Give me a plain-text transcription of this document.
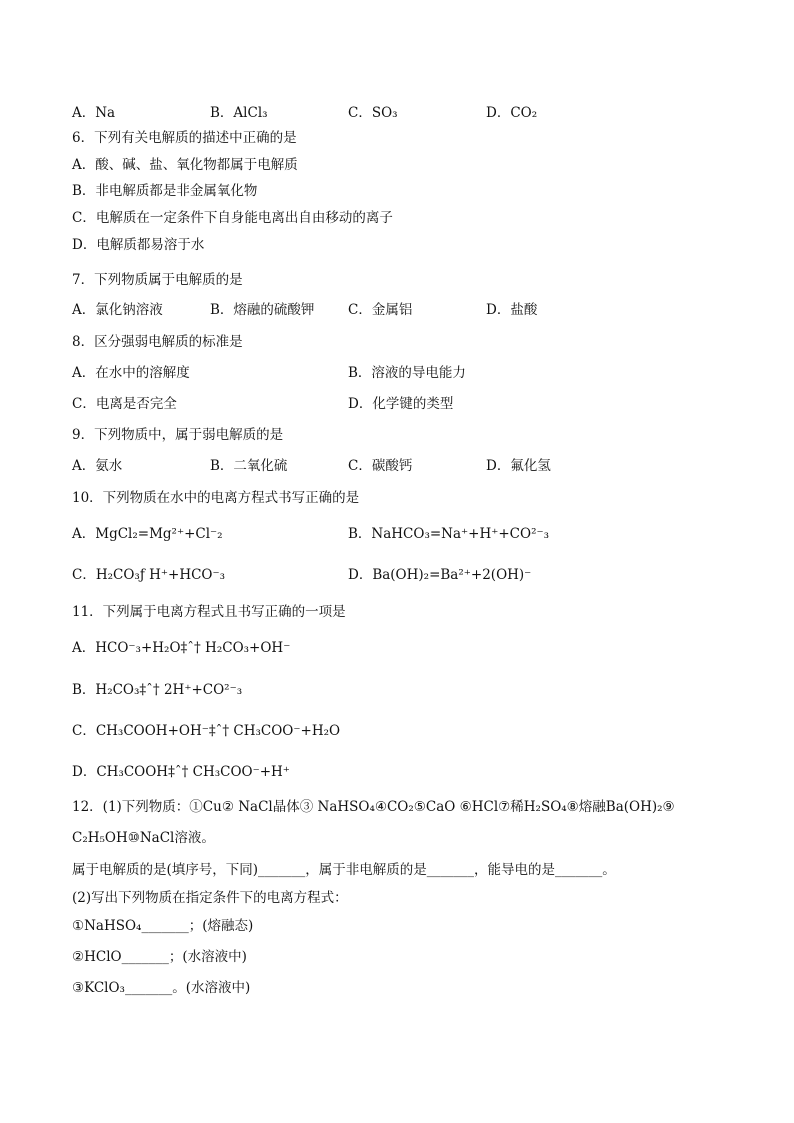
A．Na	B．AlCl₃	C．SO₃	D．CO₂
6．下列有关电解质的描述中正确的是
A．酸、碱、盐、氧化物都属于电解质
B．非电解质都是非金属氧化物
C．电解质在一定条件下自身能电离出自由移动的离子
D．电解质都易溶于水
7．下列物质属于电解质的是
A．氯化钠溶液	B．熔融的硫酸钾 C．金属铝	D．盐酸
8．区分强弱电解质的标准是
A．在水中的溶解度	B．溶液的导电能力
C．电离是否完全	D．化学键的类型
9．下列物质中，属于弱电解质的是
A．氨水	B．二氧化硫	C．碳酸钙	D．氟化氢
10．下列物质在水中的电离方程式书写正确的是
A．MgCl₂=Mg²⁺+Cl⁻₂	B．NaHCO₃=Na⁺+H⁺+CO²⁻₃
C．H₂CO₃ƒ H⁺+HCO⁻₃	D．Ba(OH)₂=Ba²⁺+2(OH)⁻
11．下列属于电离方程式且书写正确的一项是
A．HCO⁻₃+H₂O‡ˆ† H₂CO₃+OH⁻
B．H₂CO₃‡ˆ† 2H⁺+CO²⁻₃
C．CH₃COOH+OH⁻‡ˆ† CH₃COO⁻+H₂O
D．CH₃COOH‡ˆ† CH₃COO⁻+H⁺
12．(1)下列物质：①Cu② NaCl晶体③ NaHSO₄④CO₂⑤CaO ⑥HCl⑦稀H₂SO₄⑧熔融Ba(OH)₂⑨
C₂H₅OH⑩NaCl溶液。
属于电解质的是(填序号，下同)_______，属于非电解质的是_______，能导电的是_______。
(2)写出下列物质在指定条件下的电离方程式：
①NaHSO₄_______；(熔融态)
②HClO_______；(水溶液中)
③KClO₃_______。(水溶液中)
